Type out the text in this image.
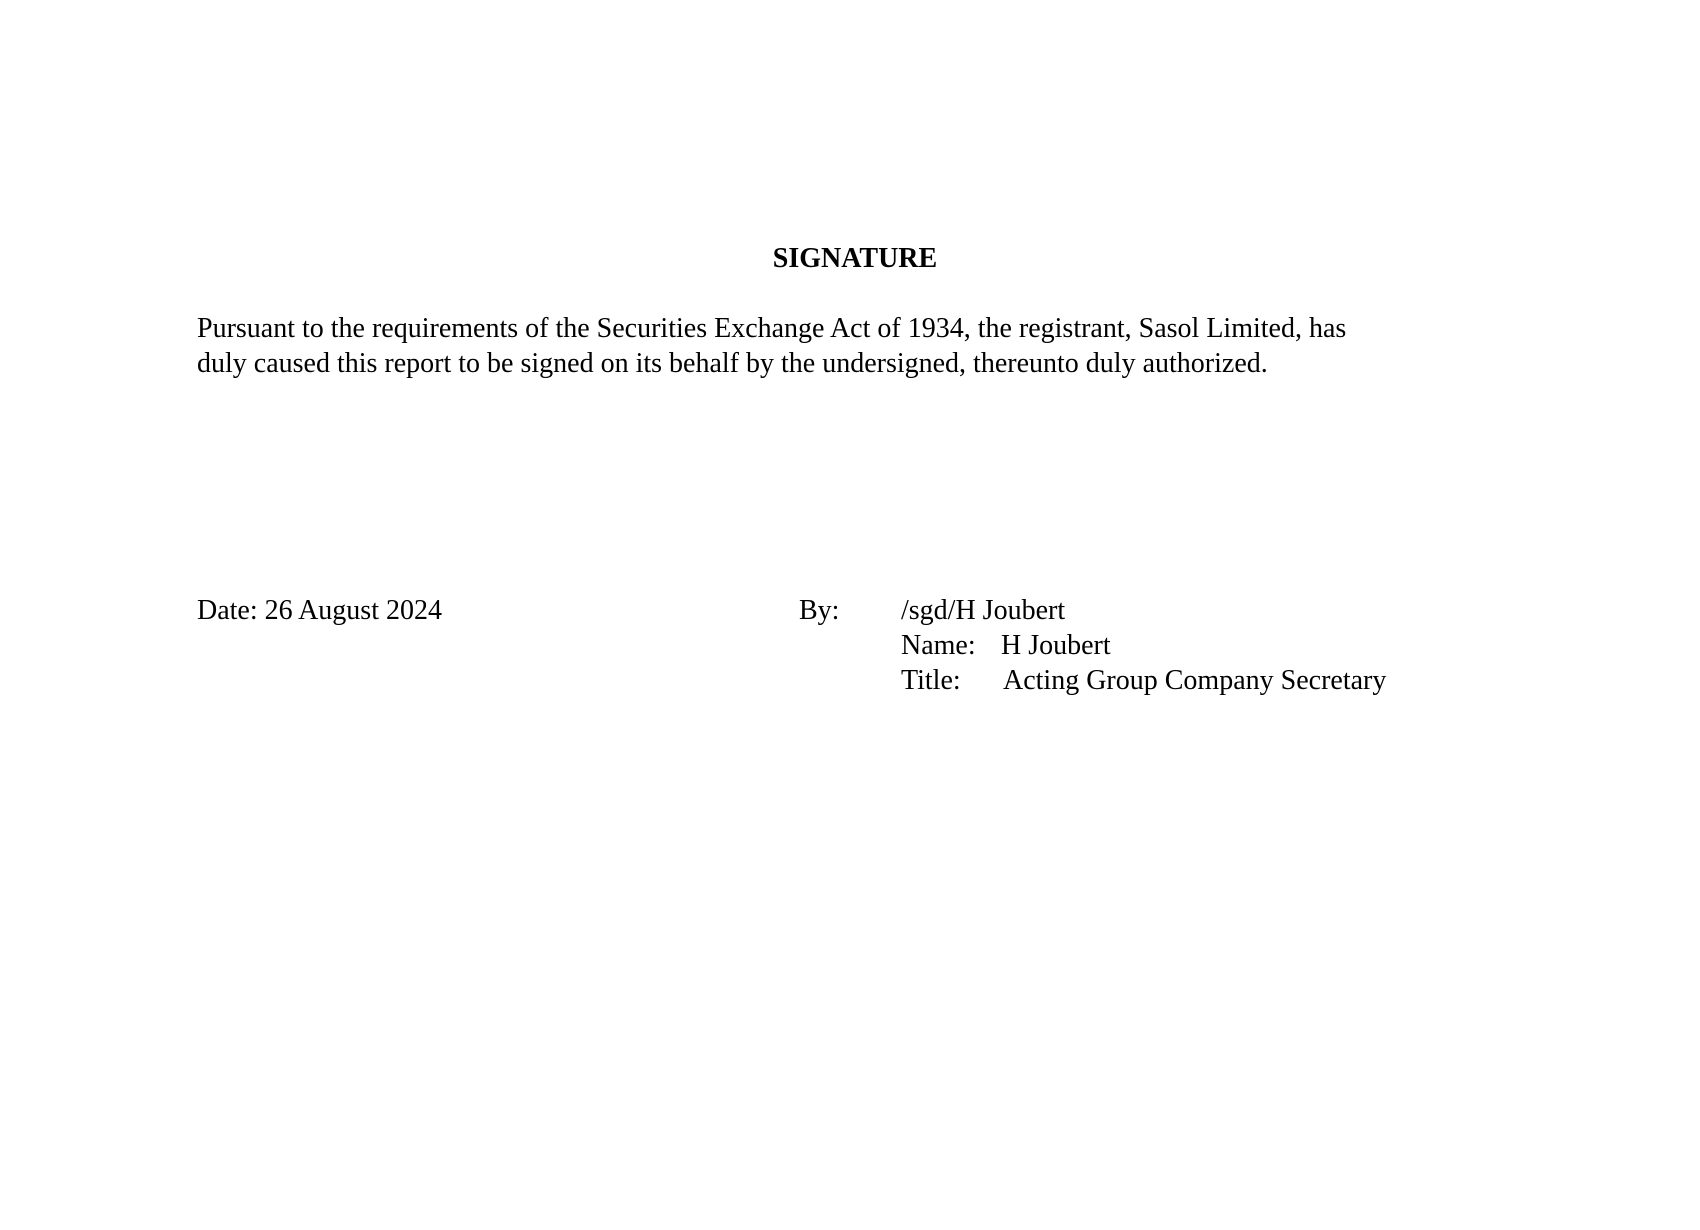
SIGNATURE

Pursuant to the requirements of the Securities Exchange Act of 1934, the registrant, Sasol Limited, has
duly caused this report to be signed on its behalf by the undersigned, thereunto duly authorized.

Date: 26 August 2024	By: /sgd/H Joubert
Name: H Joubert
Title: Acting Group Company Secretary
